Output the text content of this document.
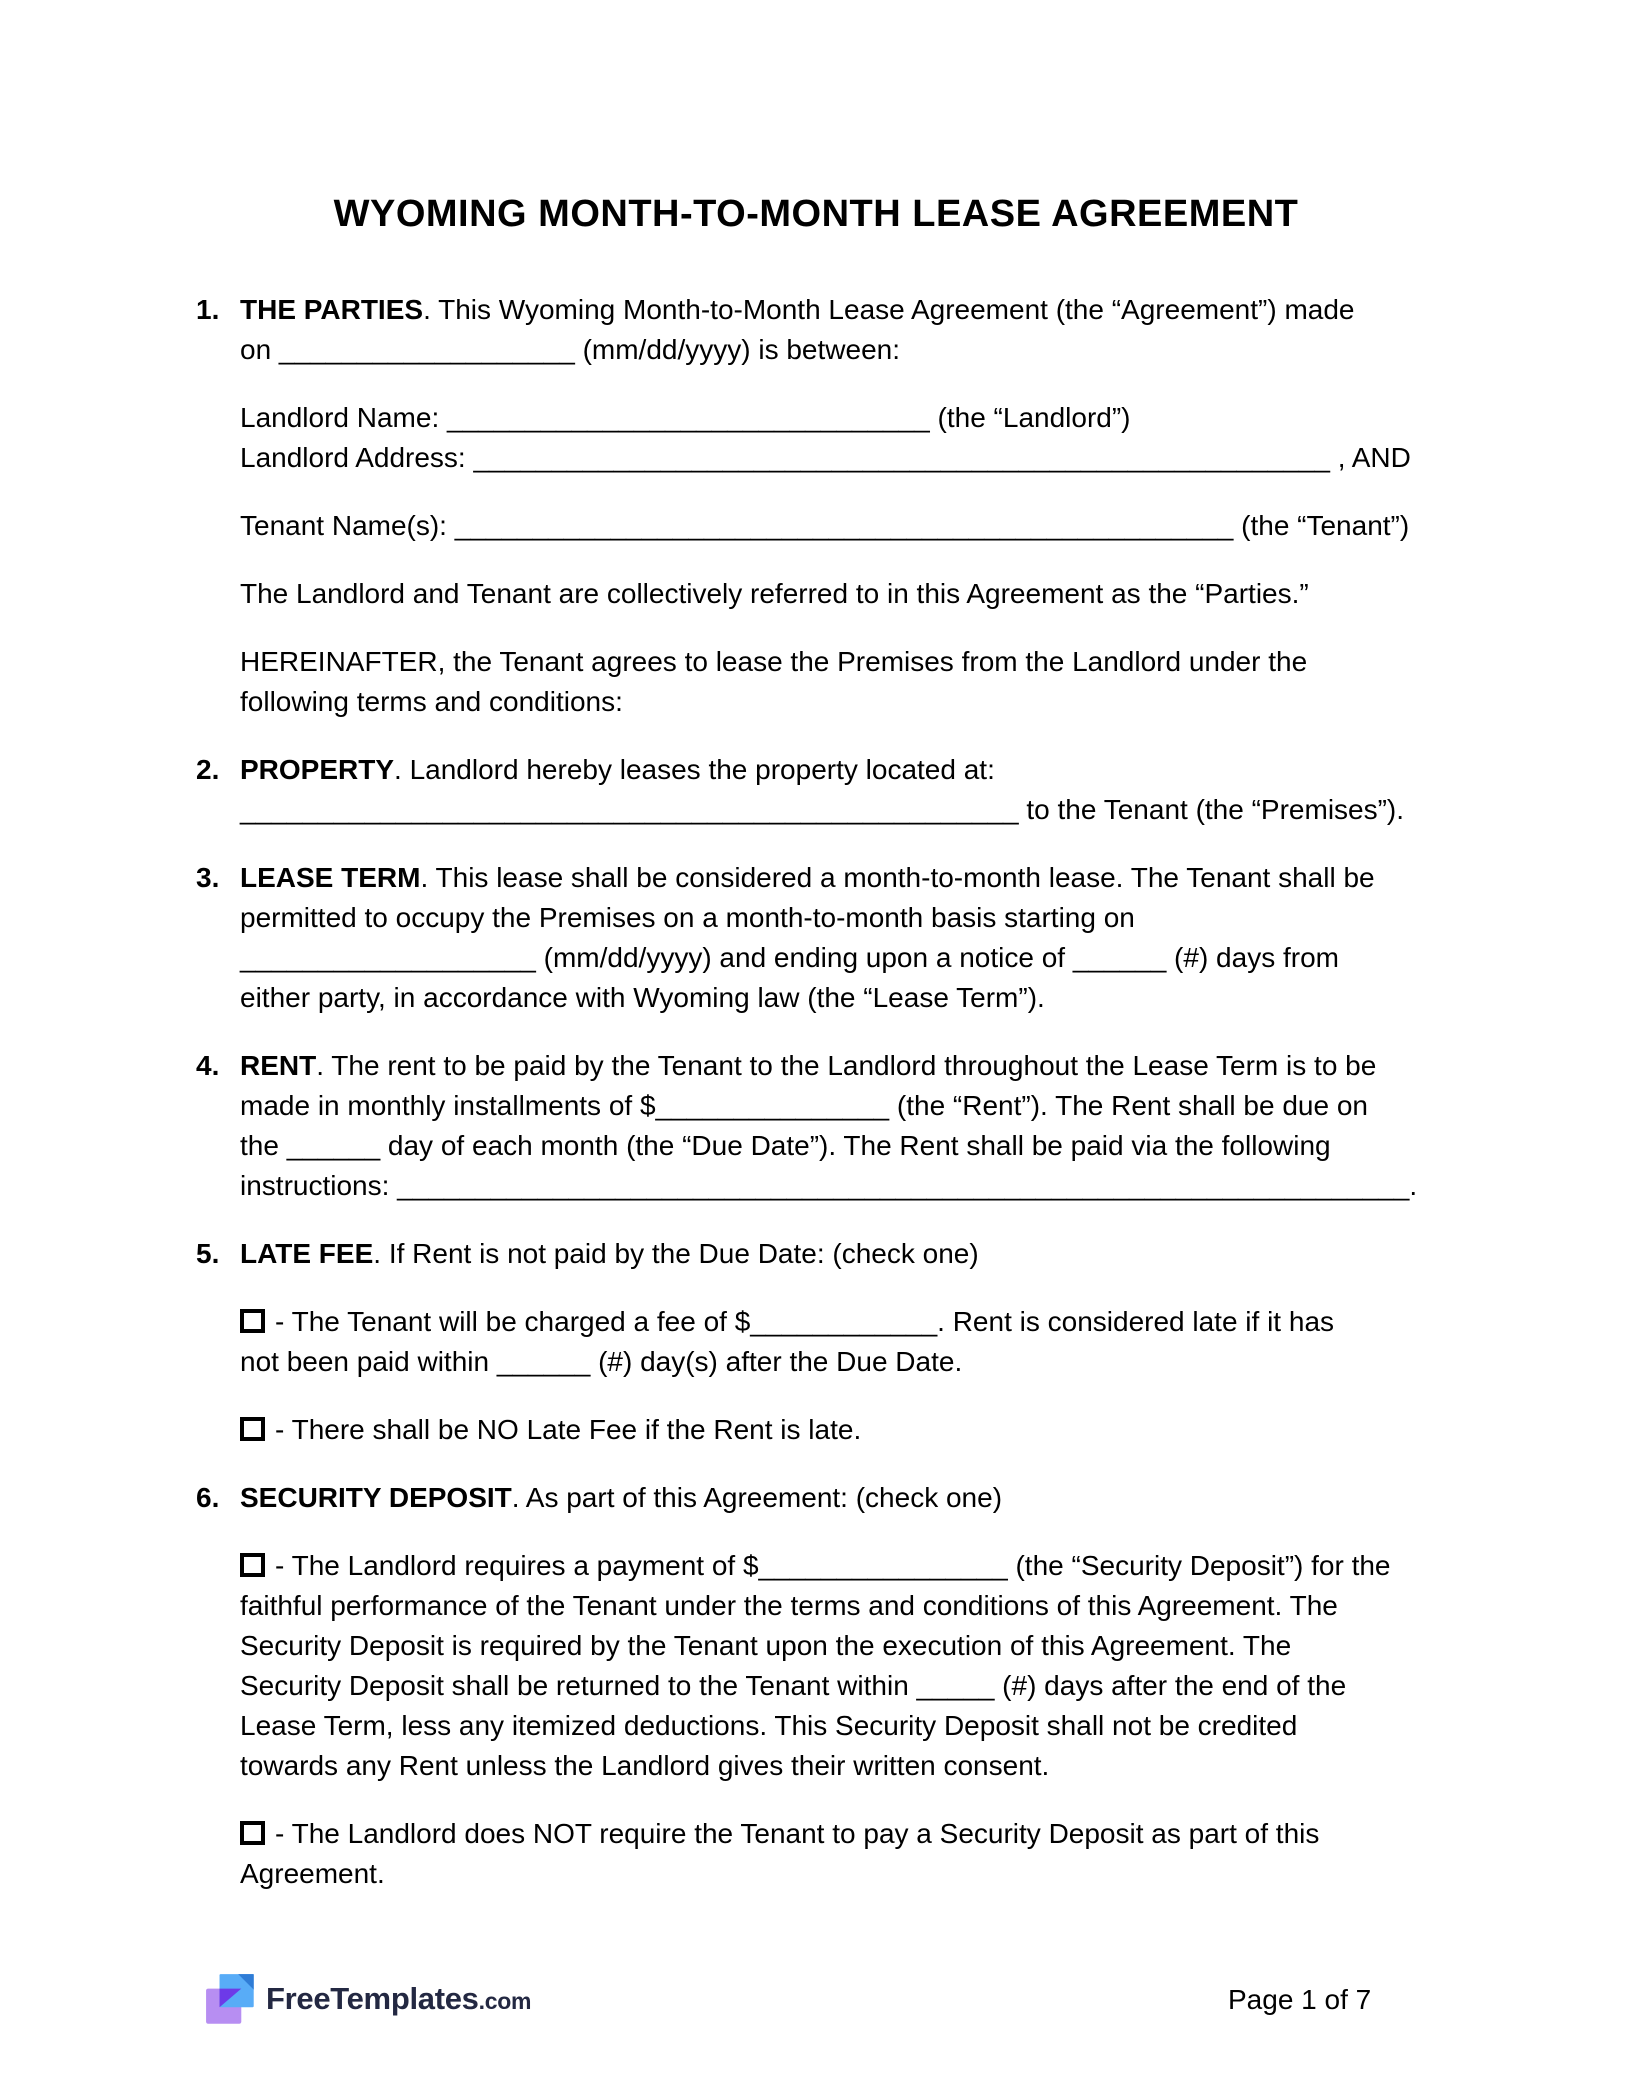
WYOMING MONTH-TO-MONTH LEASE AGREEMENT
1. THE PARTIES. This Wyoming Month-to-Month Lease Agreement (the “Agreement”) made
on ___________________ (mm/dd/yyyy) is between:
Landlord Name: _______________________________ (the “Landlord”)
Landlord Address: _______________________________________________________ , AND
Tenant Name(s): __________________________________________________ (the “Tenant”)
The Landlord and Tenant are collectively referred to in this Agreement as the “Parties.”
HEREINAFTER, the Tenant agrees to lease the Premises from the Landlord under the
following terms and conditions:
2. PROPERTY. Landlord hereby leases the property located at:
__________________________________________________ to the Tenant (the “Premises”).
3. LEASE TERM. This lease shall be considered a month-to-month lease. The Tenant shall be
permitted to occupy the Premises on a month-to-month basis starting on
___________________ (mm/dd/yyyy) and ending upon a notice of ______ (#) days from
either party, in accordance with Wyoming law (the “Lease Term”).
4. RENT. The rent to be paid by the Tenant to the Landlord throughout the Lease Term is to be
made in monthly installments of $_______________ (the “Rent”). The Rent shall be due on
the ______ day of each month (the “Due Date”). The Rent shall be paid via the following
instructions: _________________________________________________________________.
5. LATE FEE. If Rent is not paid by the Due Date: (check one)
- The Tenant will be charged a fee of $____________. Rent is considered late if it has
not been paid within ______ (#) day(s) after the Due Date.
- There shall be NO Late Fee if the Rent is late.
6. SECURITY DEPOSIT. As part of this Agreement: (check one)
- The Landlord requires a payment of $________________ (the “Security Deposit”) for the
faithful performance of the Tenant under the terms and conditions of this Agreement. The
Security Deposit is required by the Tenant upon the execution of this Agreement. The
Security Deposit shall be returned to the Tenant within _____ (#) days after the end of the
Lease Term, less any itemized deductions. This Security Deposit shall not be credited
towards any Rent unless the Landlord gives their written consent.
- The Landlord does NOT require the Tenant to pay a Security Deposit as part of this
Agreement.
FreeTemplates.com	Page 1 of 7
